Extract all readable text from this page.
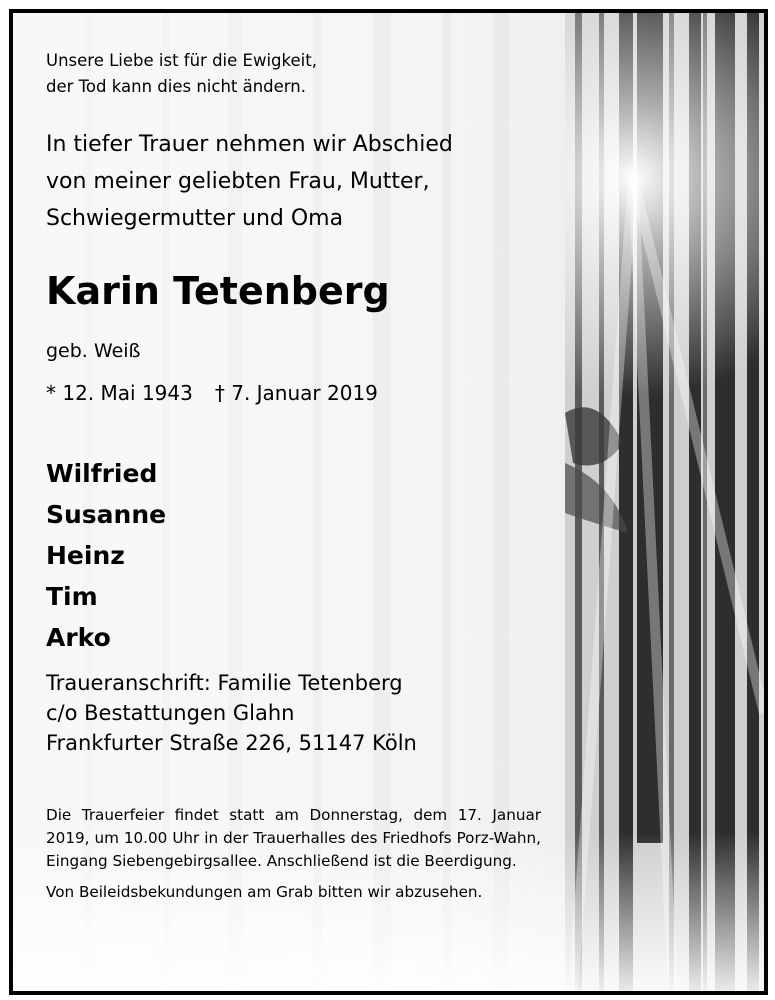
Unsere Liebe ist für die Ewigkeit,
der Tod kann dies nicht ändern.
In tiefer Trauer nehmen wir Abschied
von meiner geliebten Frau, Mutter,
Schwiegermutter und Oma
Karin Tetenberg
geb. Weiß
* 12. Mai 1943 † 7. Januar 2019
Wilfried
Susanne
Heinz
Tim
Arko
Traueranschrift: Familie Tetenberg
c/o Bestattungen Glahn
Frankfurter Straße 226, 51147 Köln

Die Trauerfeier findet statt am Donnerstag, dem 17. Januar 2019, um 10.00 Uhr in der Trauerhalles des Friedhofs Porz-Wahn, Eingang Siebengebirgsallee. Anschließend ist die Beerdigung.

Von Beileidsbekundungen am Grab bitten wir abzusehen.
